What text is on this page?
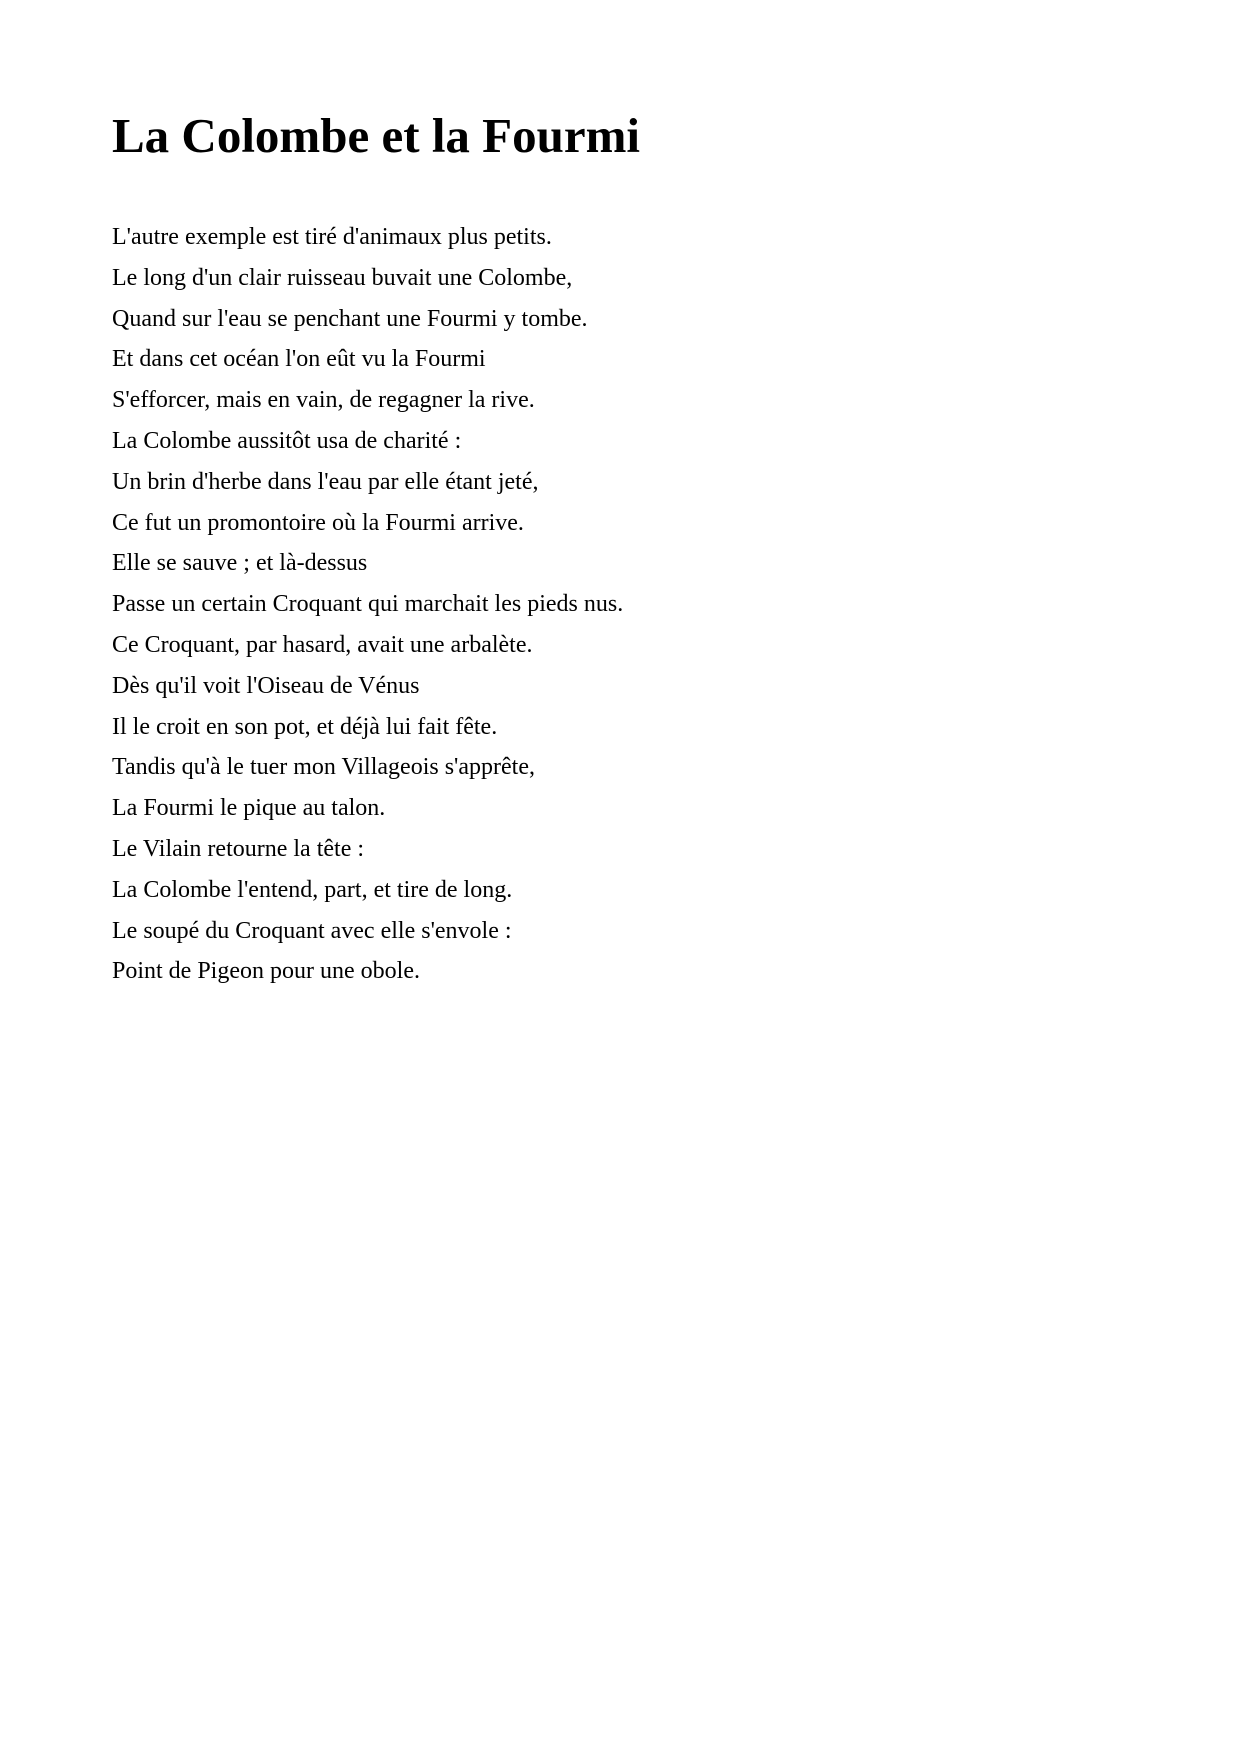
La Colombe et la Fourmi
L'autre exemple est tiré d'animaux plus petits.
Le long d'un clair ruisseau buvait une Colombe,
Quand sur l'eau se penchant une Fourmi y tombe.
Et dans cet océan l'on eût vu la Fourmi
S'efforcer, mais en vain, de regagner la rive.
La Colombe aussitôt usa de charité :
Un brin d'herbe dans l'eau par elle étant jeté,
Ce fut un promontoire où la Fourmi arrive.
Elle se sauve ; et là-dessus
Passe un certain Croquant qui marchait les pieds nus.
Ce Croquant, par hasard, avait une arbalète.
Dès qu'il voit l'Oiseau de Vénus
Il le croit en son pot, et déjà lui fait fête.
Tandis qu'à le tuer mon Villageois s'apprête,
La Fourmi le pique au talon.
Le Vilain retourne la tête :
La Colombe l'entend, part, et tire de long.
Le soupé du Croquant avec elle s'envole :
Point de Pigeon pour une obole.
